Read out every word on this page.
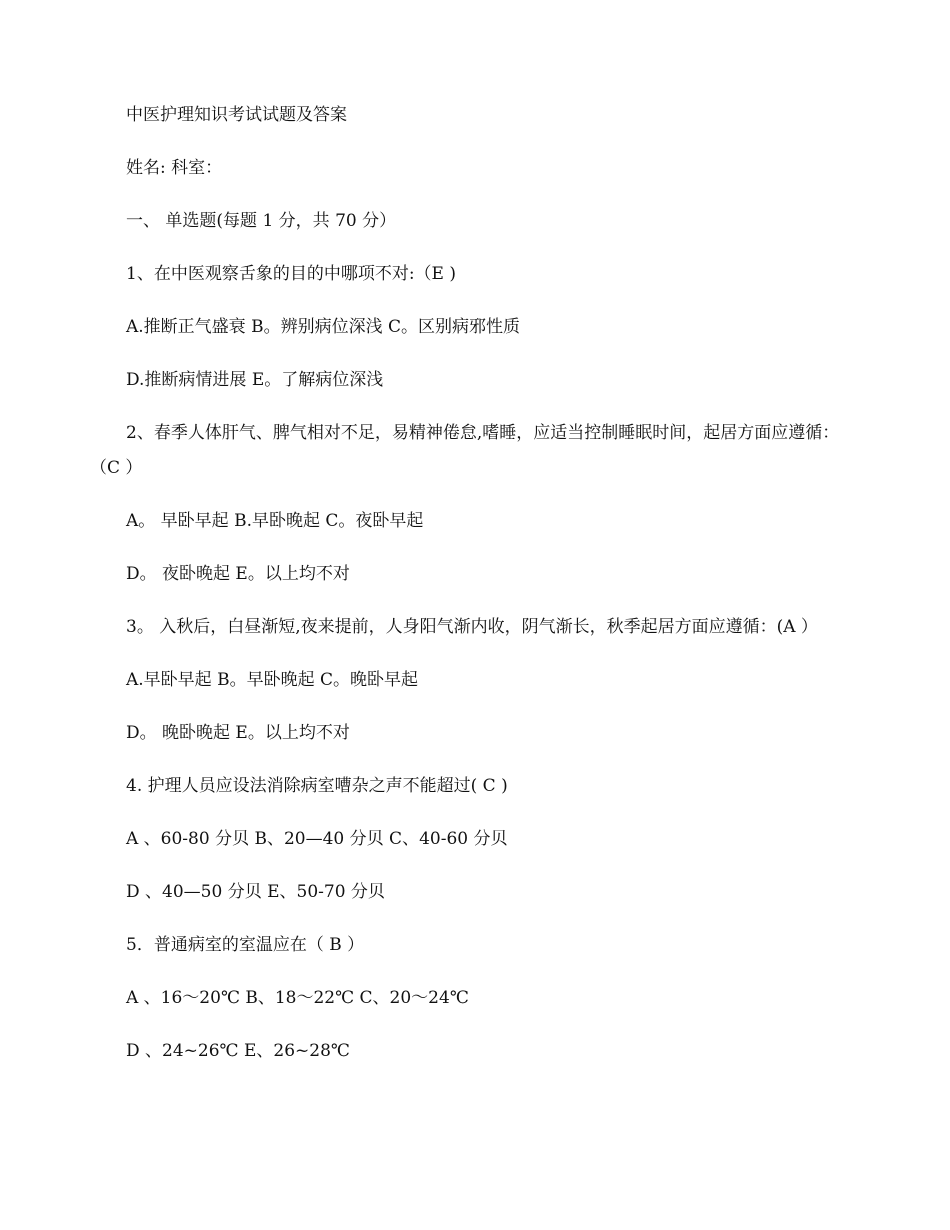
中医护理知识考试试题及答案

姓名: 科室：

一、 单选题(每题 1 分，共 70 分）

1、在中医观察舌象的目的中哪项不对:（E )

A.推断正气盛衰 B。辨别病位深浅 C。区别病邪性质

D.推断病情进展 E。了解病位深浅

2、春季人体肝气、脾气相对不足，易精神倦怠,嗜睡，应适当控制睡眠时间，起居方面应遵循：（C ）

A。 早卧早起 B.早卧晚起 C。夜卧早起

D。 夜卧晚起 E。以上均不对

3。 入秋后，白昼渐短,夜来提前，人身阳气渐内收，阴气渐长，秋季起居方面应遵循：(A ）

A.早卧早起 B。早卧晚起 C。晚卧早起

D。 晚卧晚起 E。以上均不对

4. 护理人员应设法消除病室嘈杂之声不能超过( C )

A 、60-80 分贝 B、20—40 分贝 C、40-60 分贝

D 、40—50 分贝 E、50-70 分贝

5．普通病室的室温应在（ B ）

A 、16～20℃ B、18～22℃ C、20～24℃

D 、24~26℃ E、26~28℃
